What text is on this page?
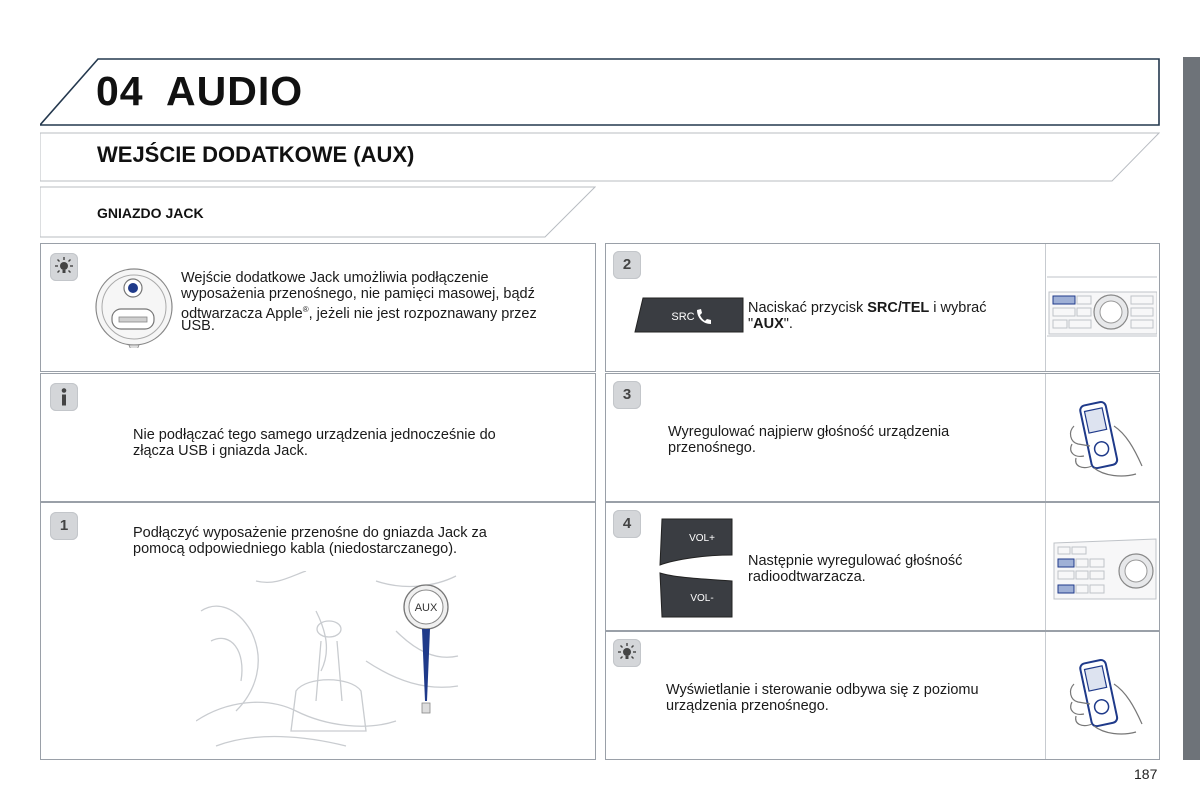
04 AUDIO
WEJŚCIE DODATKOWE (AUX)
GNIAZDO JACK
Wejście dodatkowe Jack umożliwia podłączenie
wyposażenia przenośnego, nie pamięci masowej, bądź
odtwarzacza Apple®, jeżeli nie jest rozpoznawany przez
USB.
Nie podłączać tego samego urządzenia jednocześnie do
złącza USB i gniazda Jack.
1	Podłączyć wyposażenie przenośne do gniazda Jack za
pomocą odpowiedniego kabla (niedostarczanego).
AUX
2
SRC
Naciskać przycisk SRC/TEL i wybrać
"AUX".
3
Wyregulować najpierw głośność urządzenia
przenośnego.
4
VOL+
VOL-
Następnie wyregulować głośność
radioodtwarzacza.
Wyświetlanie i sterowanie odbywa się z poziomu
urządzenia przenośnego.
187
